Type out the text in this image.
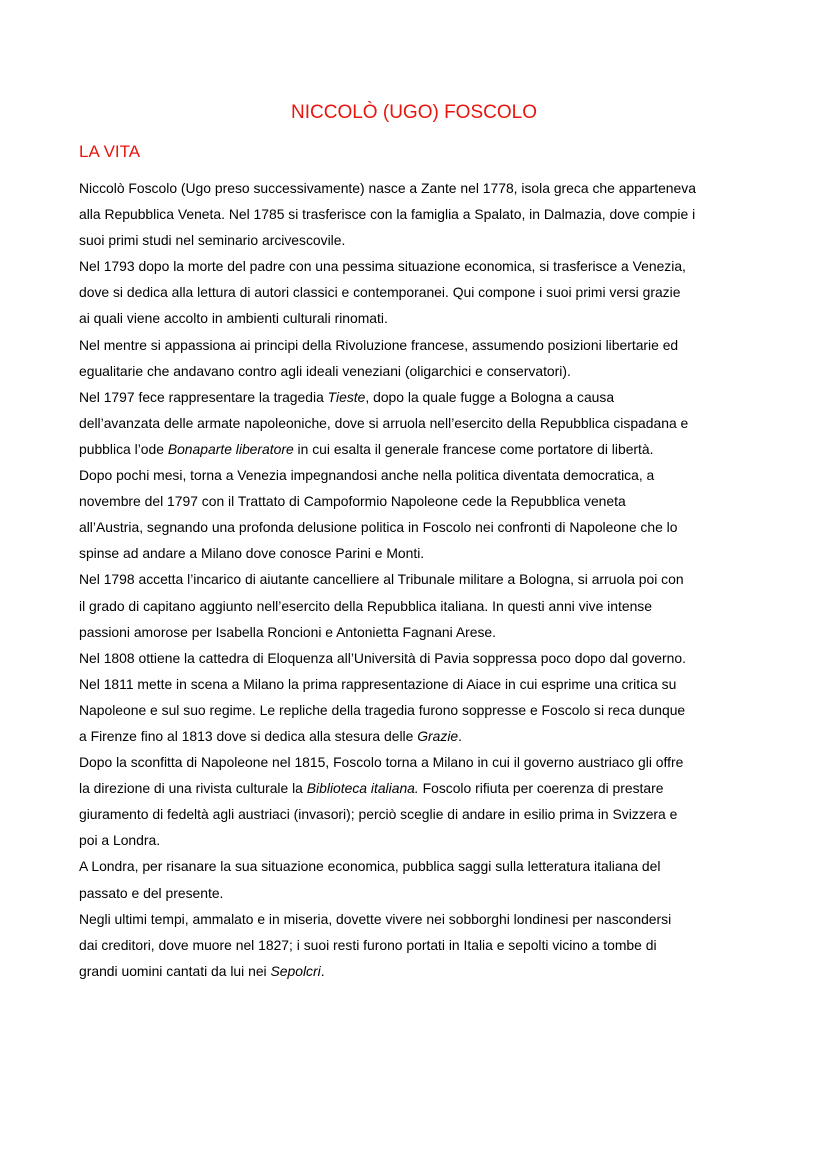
NICCOLÒ (UGO) FOSCOLO
LA VITA
Niccolò Foscolo (Ugo preso successivamente) nasce a Zante nel 1778, isola greca che apparteneva
alla Repubblica Veneta. Nel 1785 si trasferisce con la famiglia a Spalato, in Dalmazia, dove compie i
suoi primi studi nel seminario arcivescovile.
Nel 1793 dopo la morte del padre con una pessima situazione economica, si trasferisce a Venezia,
dove si dedica alla lettura di autori classici e contemporanei. Qui compone i suoi primi versi grazie
ai quali viene accolto in ambienti culturali rinomati.
Nel mentre si appassiona ai principi della Rivoluzione francese, assumendo posizioni libertarie ed
egualitarie che andavano contro agli ideali veneziani (oligarchici e conservatori).
Nel 1797 fece rappresentare la tragedia Tieste, dopo la quale fugge a Bologna a causa
dell’avanzata delle armate napoleoniche, dove si arruola nell’esercito della Repubblica cispadana e
pubblica l’ode Bonaparte liberatore in cui esalta il generale francese come portatore di libertà.
Dopo pochi mesi, torna a Venezia impegnandosi anche nella politica diventata democratica, a
novembre del 1797 con il Trattato di Campoformio Napoleone cede la Repubblica veneta
all’Austria, segnando una profonda delusione politica in Foscolo nei confronti di Napoleone che lo
spinse ad andare a Milano dove conosce Parini e Monti.
Nel 1798 accetta l’incarico di aiutante cancelliere al Tribunale militare a Bologna, si arruola poi con
il grado di capitano aggiunto nell’esercito della Repubblica italiana. In questi anni vive intense
passioni amorose per Isabella Roncioni e Antonietta Fagnani Arese.
Nel 1808 ottiene la cattedra di Eloquenza all’Università di Pavia soppressa poco dopo dal governo.
Nel 1811 mette in scena a Milano la prima rappresentazione di Aiace in cui esprime una critica su
Napoleone e sul suo regime. Le repliche della tragedia furono soppresse e Foscolo si reca dunque
a Firenze fino al 1813 dove si dedica alla stesura delle Grazie.
Dopo la sconfitta di Napoleone nel 1815, Foscolo torna a Milano in cui il governo austriaco gli offre
la direzione di una rivista culturale la Biblioteca italiana. Foscolo rifiuta per coerenza di prestare
giuramento di fedeltà agli austriaci (invasori); perciò sceglie di andare in esilio prima in Svizzera e
poi a Londra.
A Londra, per risanare la sua situazione economica, pubblica saggi sulla letteratura italiana del
passato e del presente.
Negli ultimi tempi, ammalato e in miseria, dovette vivere nei sobborghi londinesi per nascondersi
dai creditori, dove muore nel 1827; i suoi resti furono portati in Italia e sepolti vicino a tombe di
grandi uomini cantati da lui nei Sepolcri.
